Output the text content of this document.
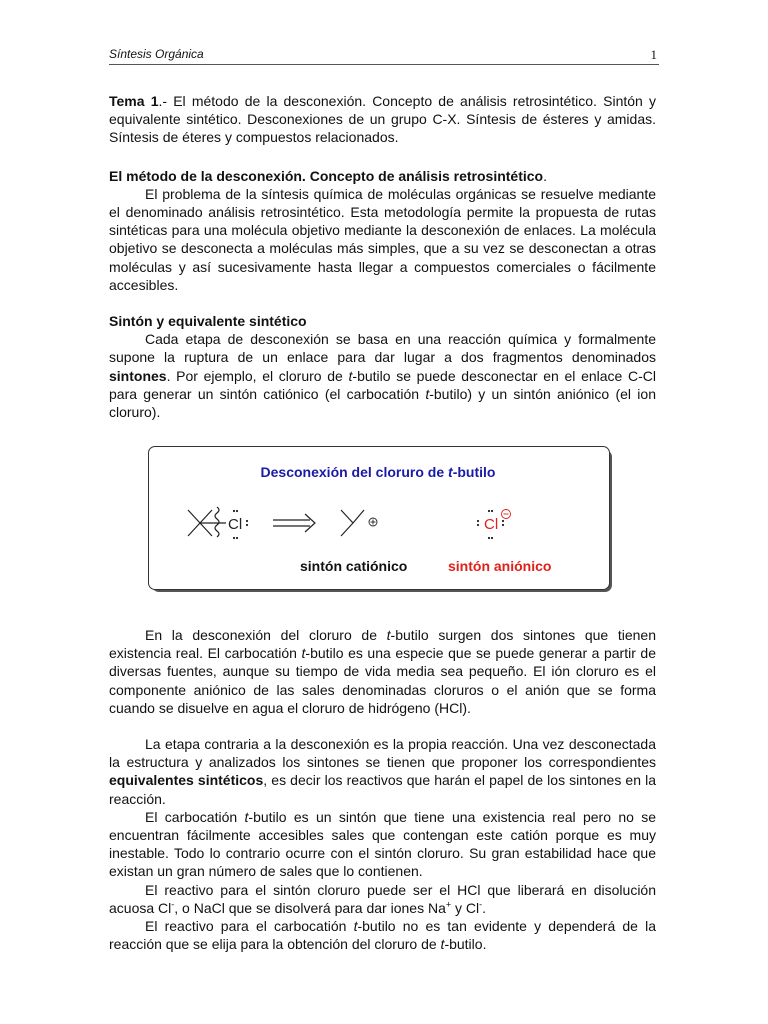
Síntesis Orgánica	1

Tema 1.- El método de la desconexión. Concepto de análisis retrosintético. Sintón y equivalente sintético. Desconexiones de un grupo C-X. Síntesis de ésteres y amidas. Síntesis de éteres y compuestos relacionados.

El método de la desconexión. Concepto de análisis retrosintético.

El problema de la síntesis química de moléculas orgánicas se resuelve mediante el denominado análisis retrosintético. Esta metodología permite la propuesta de rutas sintéticas para una molécula objetivo mediante la desconexión de enlaces. La molécula objetivo se desconecta a moléculas más simples, que a su vez se desconectan a otras moléculas y así sucesivamente hasta llegar a compuestos comerciales o fácilmente accesibles.

Sintón y equivalente sintético

Cada etapa de desconexión se basa en una reacción química y formalmente supone la ruptura de un enlace para dar lugar a dos fragmentos denominados sintones. Por ejemplo, el cloruro de t-butilo se puede desconectar en el enlace C-Cl para generar un sintón catiónico (el carbocatión t-butilo) y un sintón aniónico (el ion cloruro).

Desconexión del cloruro de t-butilo
Cl	Cl
sintón catiónico	sintón aniónico

En la desconexión del cloruro de t-butilo surgen dos sintones que tienen existencia real. El carbocatión t-butilo es una especie que se puede generar a partir de diversas fuentes, aunque su tiempo de vida media sea pequeño. El ión cloruro es el componente aniónico de las sales denominadas cloruros o el anión que se forma cuando se disuelve en agua el cloruro de hidrógeno (HCl).

La etapa contraria a la desconexión es la propia reacción. Una vez desconectada la estructura y analizados los sintones se tienen que proponer los correspondientes equivalentes sintéticos, es decir los reactivos que harán el papel de los sintones en la reacción.

El carbocatión t-butilo es un sintón que tiene una existencia real pero no se encuentran fácilmente accesibles sales que contengan este catión porque es muy inestable. Todo lo contrario ocurre con el sintón cloruro. Su gran estabilidad hace que existan un gran número de sales que lo contienen.

El reactivo para el sintón cloruro puede ser el HCl que liberará en disolución acuosa Cl-, o NaCl que se disolverá para dar iones Na+ y Cl-.

El reactivo para el carbocatión t-butilo no es tan evidente y dependerá de la reacción que se elija para la obtención del cloruro de t-butilo.
